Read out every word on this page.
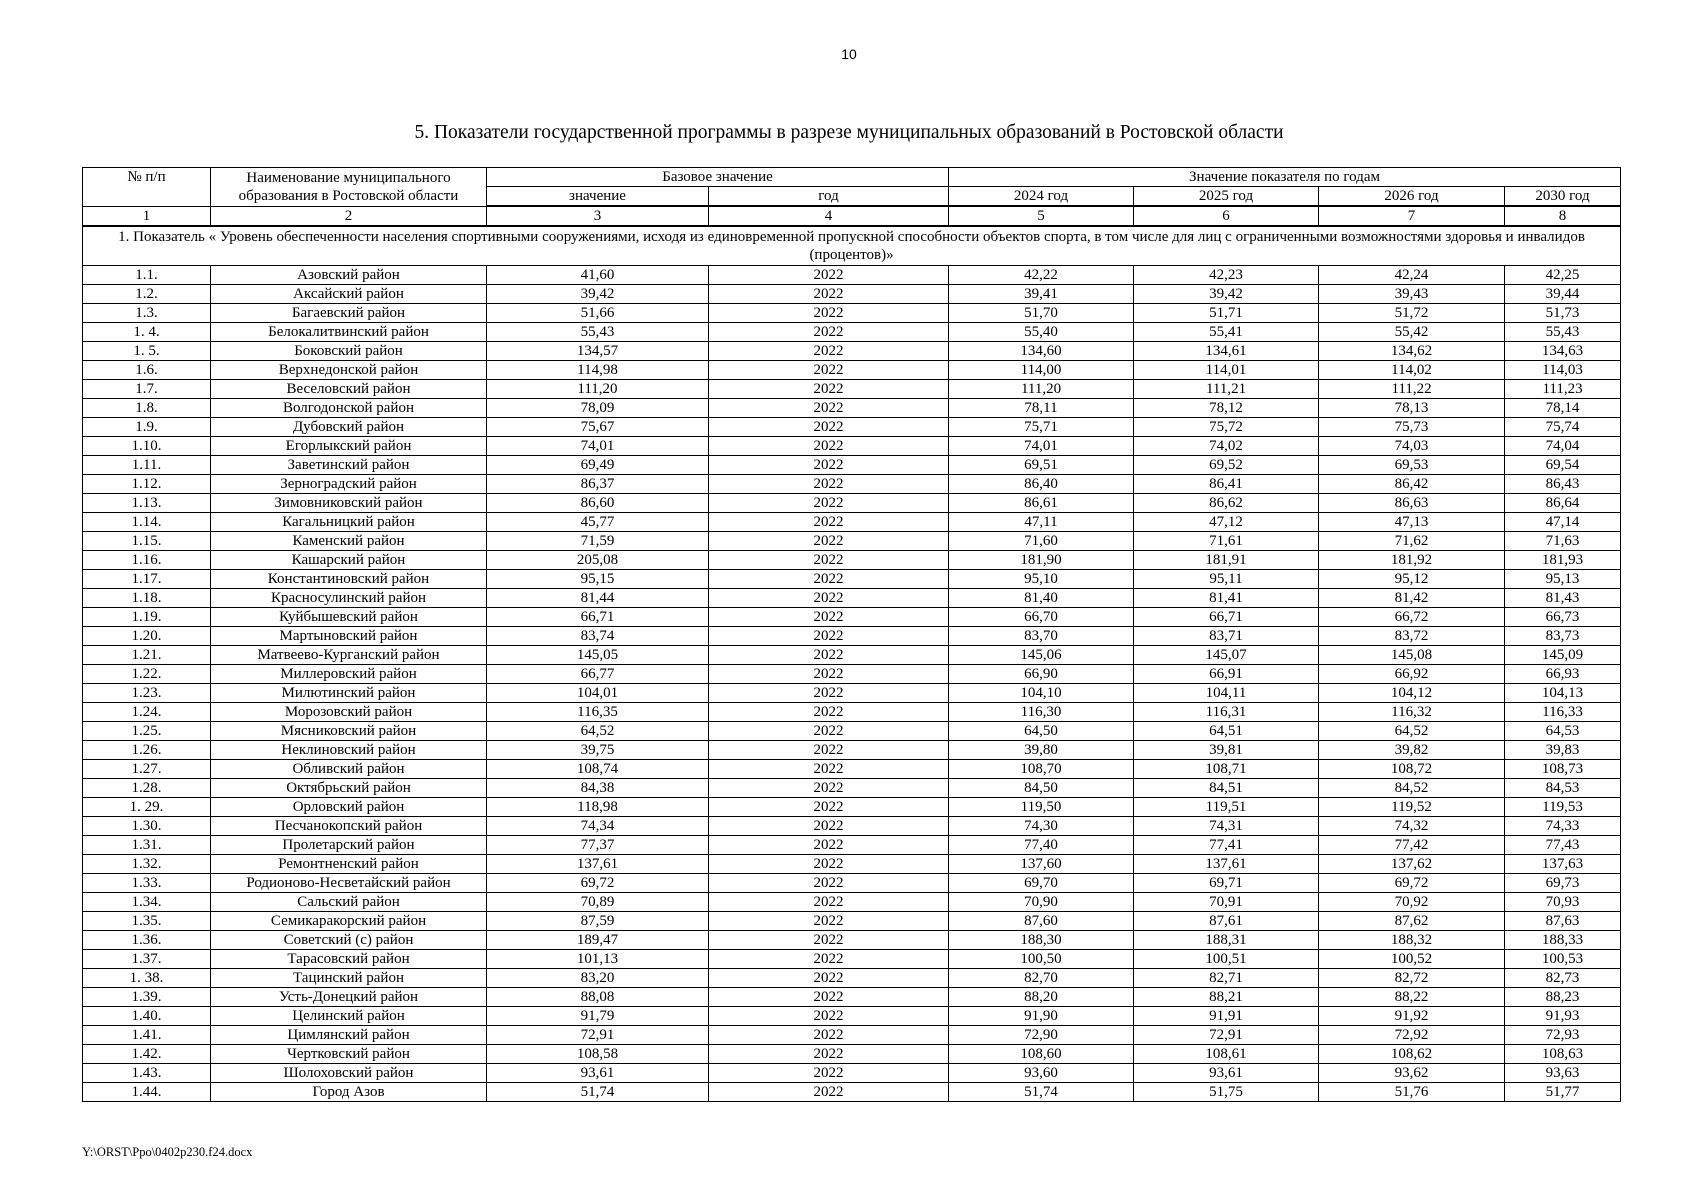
10
5. Показатели государственной программы в разрезе муниципальных образований в Ростовской области
№ п/п	Наименование муниципального образования в Ростовской области	Базовое значение		Значение показателя по годам			
		значение	год	2024 год	2025 год	2026 год	2030 год
1	2	3	4	5	6	7	8
1. Показатель « Уровень обеспеченности населения спортивными сооружениями, исходя из единовременной пропускной способности объектов спорта, в том числе для лиц с ограниченными возможностями здоровья и инвалидов (процентов)»							
1.1.	Азовский район	41,60	2022	42,22	42,23	42,24	42,25
1.2.	Аксайский район	39,42	2022	39,41	39,42	39,43	39,44
1.3.	Багаевский район	51,66	2022	51,70	51,71	51,72	51,73
1. 4.	Белокалитвинский район	55,43	2022	55,40	55,41	55,42	55,43
1. 5.	Боковский район	134,57	2022	134,60	134,61	134,62	134,63
1.6.	Верхнедонской район	114,98	2022	114,00	114,01	114,02	114,03
1.7.	Веселовский район	111,20	2022	111,20	111,21	111,22	111,23
1.8.	Волгодонской район	78,09	2022	78,11	78,12	78,13	78,14
1.9.	Дубовский район	75,67	2022	75,71	75,72	75,73	75,74
1.10.	Егорлыкский район	74,01	2022	74,01	74,02	74,03	74,04
1.11.	Заветинский район	69,49	2022	69,51	69,52	69,53	69,54
1.12.	Зерноградский район	86,37	2022	86,40	86,41	86,42	86,43
1.13.	Зимовниковский район	86,60	2022	86,61	86,62	86,63	86,64
1.14.	Кагальницкий район	45,77	2022	47,11	47,12	47,13	47,14
1.15.	Каменский район	71,59	2022	71,60	71,61	71,62	71,63
1.16.	Кашарский район	205,08	2022	181,90	181,91	181,92	181,93
1.17.	Константиновский район	95,15	2022	95,10	95,11	95,12	95,13
1.18.	Красносулинский район	81,44	2022	81,40	81,41	81,42	81,43
1.19.	Куйбышевский район	66,71	2022	66,70	66,71	66,72	66,73
1.20.	Мартыновский район	83,74	2022	83,70	83,71	83,72	83,73
1.21.	Матвеево-Курганский район	145,05	2022	145,06	145,07	145,08	145,09
1.22.	Миллеровский район	66,77	2022	66,90	66,91	66,92	66,93
1.23.	Милютинский район	104,01	2022	104,10	104,11	104,12	104,13
1.24.	Морозовский район	116,35	2022	116,30	116,31	116,32	116,33
1.25.	Мясниковский район	64,52	2022	64,50	64,51	64,52	64,53
1.26.	Неклиновский район	39,75	2022	39,80	39,81	39,82	39,83
1.27.	Обливский район	108,74	2022	108,70	108,71	108,72	108,73
1.28.	Октябрьский район	84,38	2022	84,50	84,51	84,52	84,53
1. 29.	Орловский район	118,98	2022	119,50	119,51	119,52	119,53
1.30.	Песчанокопский район	74,34	2022	74,30	74,31	74,32	74,33
1.31.	Пролетарский район	77,37	2022	77,40	77,41	77,42	77,43
1.32.	Ремонтненский район	137,61	2022	137,60	137,61	137,62	137,63
1.33.	Родионово-Несветайский район	69,72	2022	69,70	69,71	69,72	69,73
1.34.	Сальский район	70,89	2022	70,90	70,91	70,92	70,93
1.35.	Семикаракорский район	87,59	2022	87,60	87,61	87,62	87,63
1.36.	Советский (с) район	189,47	2022	188,30	188,31	188,32	188,33
1.37.	Тарасовский район	101,13	2022	100,50	100,51	100,52	100,53
1. 38.	Тацинский район	83,20	2022	82,70	82,71	82,72	82,73
1.39.	Усть-Донецкий район	88,08	2022	88,20	88,21	88,22	88,23
1.40.	Целинский район	91,79	2022	91,90	91,91	91,92	91,93
1.41.	Цимлянский район	72,91	2022	72,90	72,91	72,92	72,93
1.42.	Чертковский район	108,58	2022	108,60	108,61	108,62	108,63
1.43.	Шолоховский район	93,61	2022	93,60	93,61	93,62	93,63
1.44.	Город Азов	51,74	2022	51,74	51,75	51,76	51,77
Y:\ORST\Ppo\0402p230.f24.docx
